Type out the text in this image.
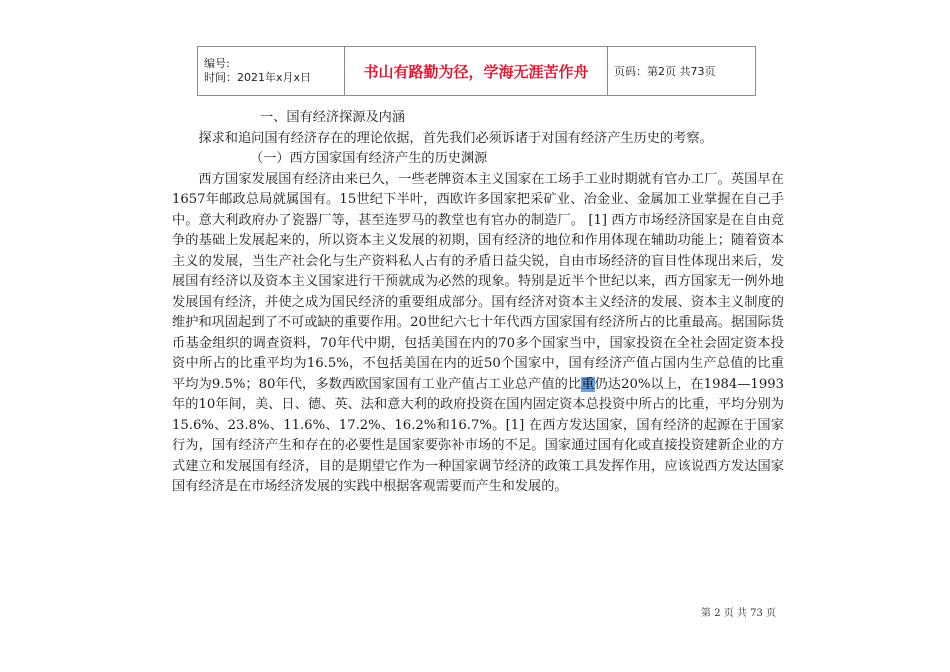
编号:
时间：2021年x月x日	书山有路勤为径，学海无涯苦作舟	页码：第2页 共73页

一、国有经济探源及内涵

探求和追问国有经济存在的理论依据，首先我们必须诉诸于对国有经济产生历史的考察。

（一）西方国家国有经济产生的历史渊源

西方国家发展国有经济由来已久，一些老牌资本主义国家在工场手工业时期就有官办工厂。英国早在1657年邮政总局就属国有。15世纪下半叶，西欧许多国家把采矿业、冶金业、金属加工业掌握在自己手中。意大利政府办了瓷器厂等，甚至连罗马的教堂也有官办的制造厂。 [1] 西方市场经济国家是在自由竞争的基础上发展起来的，所以资本主义发展的初期，国有经济的地位和作用体现在辅助功能上；随着资本主义的发展，当生产社会化与生产资料私人占有的矛盾日益尖锐，自由市场经济的盲目性体现出来后，发展国有经济以及资本主义国家进行干预就成为必然的现象。特别是近半个世纪以来，西方国家无一例外地发展国有经济，并使之成为国民经济的重要组成部分。国有经济对资本主义经济的发展、资本主义制度的维护和巩固起到了不可或缺的重要作用。20世纪六七十年代西方国家国有经济所占的比重最高。据国际货币基金组织的调查资料，70年代中期，包括美国在内的70多个国家当中，国家投资在全社会固定资本投资中所占的比重平均为16.5%，不包括美国在内的近50个国家中，国有经济产值占国内生产总值的比重平均为9.5%；80年代，多数西欧国家国有工业产值占工业总产值的比重仍达20%以上，在1984—1993年的10年间，美、日、德、英、法和意大利的政府投资在国内固定资本总投资中所占的比重，平均分别为15.6%、23.8%、11.6%、17.2%、16.2%和16.7%。[1] 在西方发达国家，国有经济的起源在于国家行为，国有经济产生和存在的必要性是国家要弥补市场的不足。国家通过国有化或直接投资建新企业的方式建立和发展国有经济，目的是期望它作为一种国家调节经济的政策工具发挥作用，应该说西方发达国家国有经济是在市场经济发展的实践中根据客观需要而产生和发展的。

第 2 页 共 73 页
